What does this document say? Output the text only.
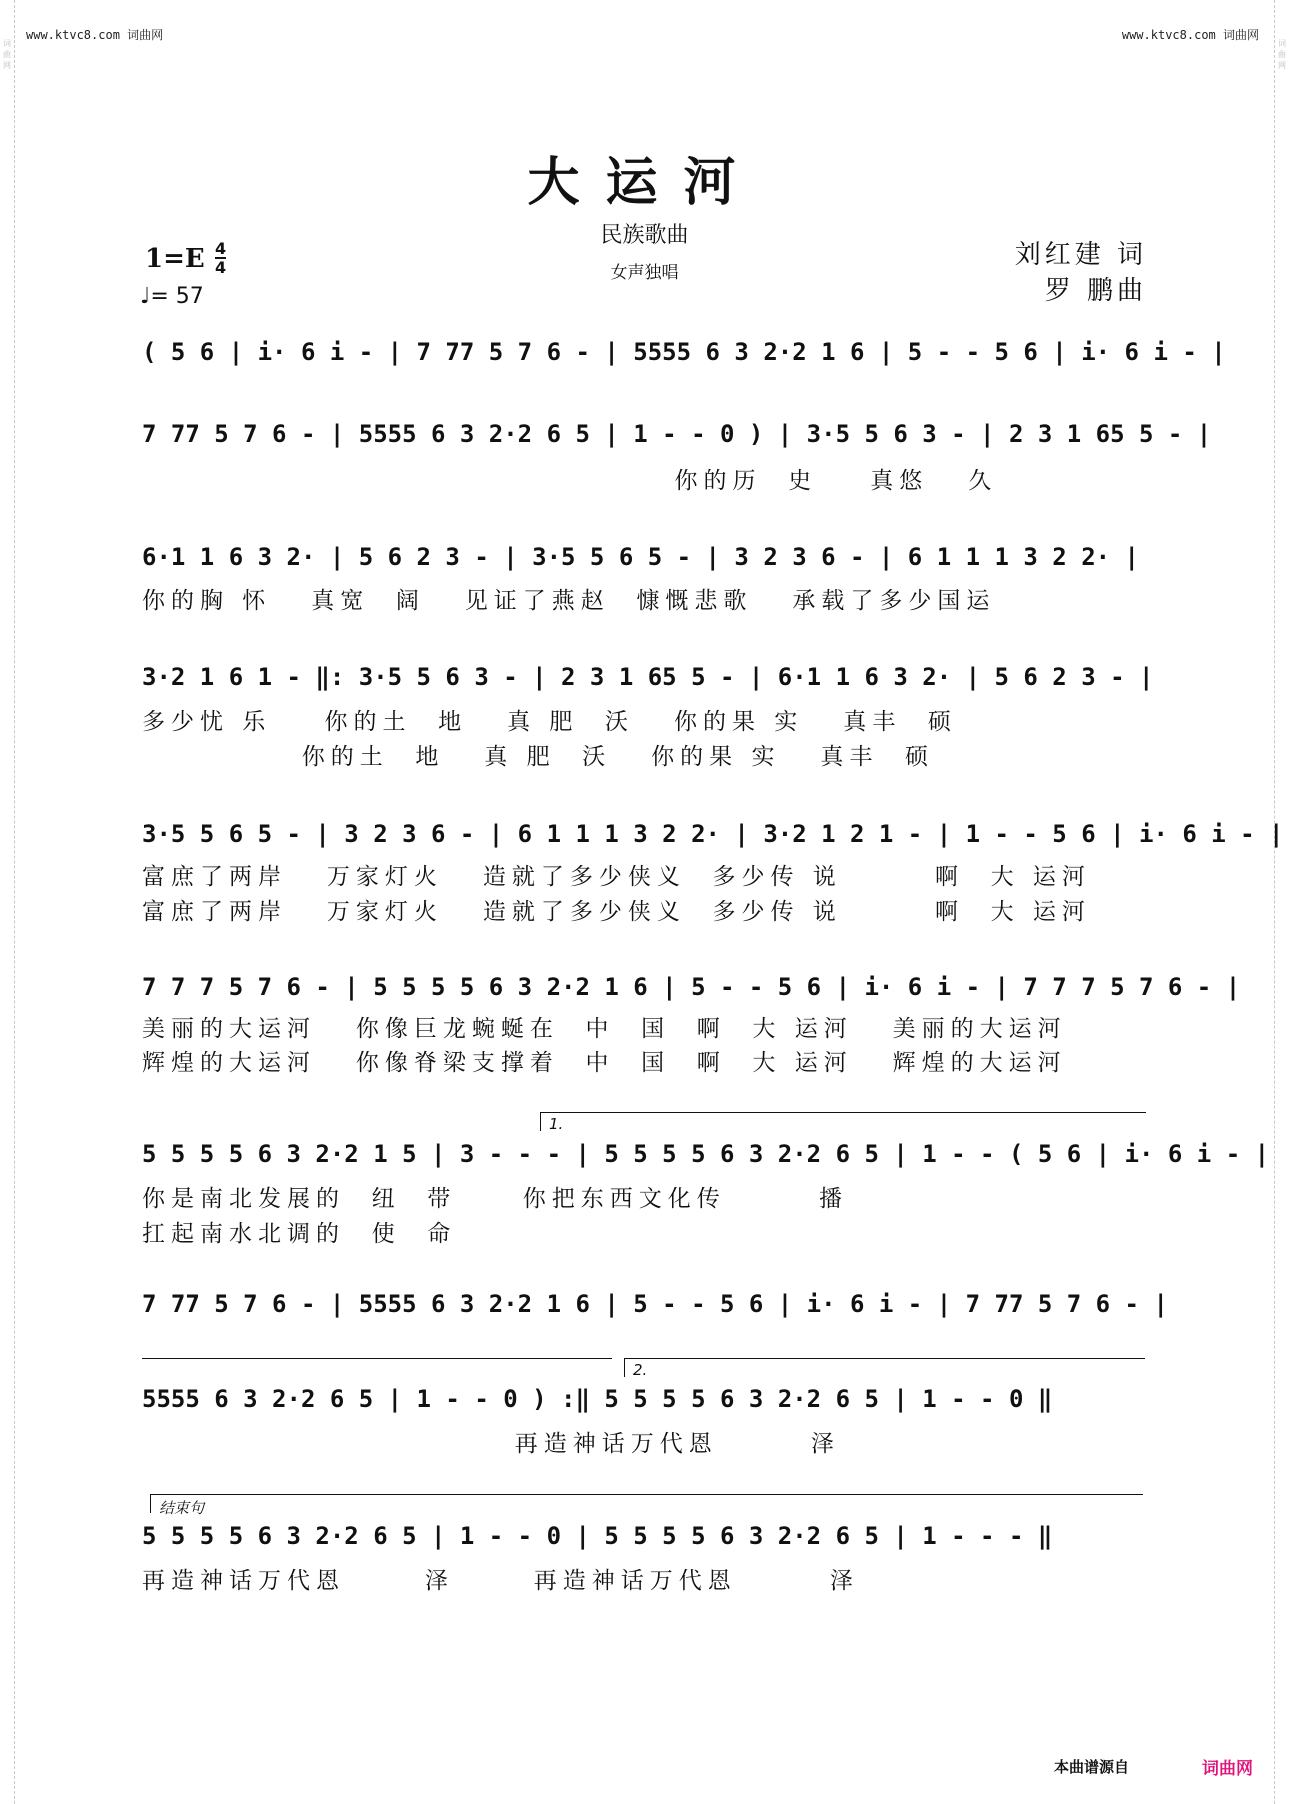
词曲网
词曲网
www.ktvc8.com 词曲网	www.ktvc8.com 词曲网
大运河
民族歌曲
女声独唱
1=E 4
4
♩= 57
刘红建 词
罗 鹏曲
( 5 6 | i· 6 i - | 7 77 5 7 6 - | 5555 6 3 2·2 1 6 | 5 - - 5 6 | i· 6 i - |
7 77 5 7 6 - | 5555 6 3 2·2 6 5 | 1 - - 0 ) | 3·5 5 6 3 - | 2 3 1 65 5 - |
你的历  史    真悠   久
6·1 1 6 3 2· | 5 6 2 3 - | 3·5 5 6 5 - | 3 2 3 6 - | 6 1 1 1 3 2 2· |
你的胸 怀   真宽  阔   见证了燕赵  慷慨悲歌   承载了多少国运
3·2 1 6 1 - ‖: 3·5 5 6 3 - | 2 3 1 65 5 - | 6·1 1 6 3 2· | 5 6 2 3 - |
多少忧 乐    你的土  地   真 肥  沃   你的果 实   真丰  硕
你的土  地   真 肥  沃   你的果 实   真丰  硕
3·5 5 6 5 - | 3 2 3 6 - | 6 1 1 1 3 2 2· | 3·2 1 2 1 - | 1 - - 5 6 | i· 6 i - |
富庶了两岸   万家灯火   造就了多少侠义  多少传 说       啊  大 运河
富庶了两岸   万家灯火   造就了多少侠义  多少传 说       啊  大 运河
7 7 7 5 7 6 - | 5 5 5 5 6 3 2·2 1 6 | 5 - - 5 6 | i· 6 i - | 7 7 7 5 7 6 - |
美丽的大运河   你像巨龙蜿蜒在  中  国  啊  大 运河   美丽的大运河
辉煌的大运河   你像脊梁支撑着  中  国  啊  大 运河   辉煌的大运河
1.
5 5 5 5 6 3 2·2 1 5 | 3 - - - | 5 5 5 5 6 3 2·2 6 5 | 1 - - ( 5 6 | i· 6 i - |
你是南北发展的  纽  带     你把东西文化传       播
扛起南水北调的  使  命
7 77 5 7 6 - | 5555 6 3 2·2 1 6 | 5 - - 5 6 | i· 6 i - | 7 77 5 7 6 - |
2.
5555 6 3 2·2 6 5 | 1 - - 0 ) :‖ 5 5 5 5 6 3 2·2 6 5 | 1 - - 0 ‖
再造神话万代恩       泽
结束句
5 5 5 5 6 3 2·2 6 5 | 1 - - 0 | 5 5 5 5 6 3 2·2 6 5 | 1 - - - ‖
再造神话万代恩      泽      再造神话万代恩       泽
本曲谱源自	词曲网
